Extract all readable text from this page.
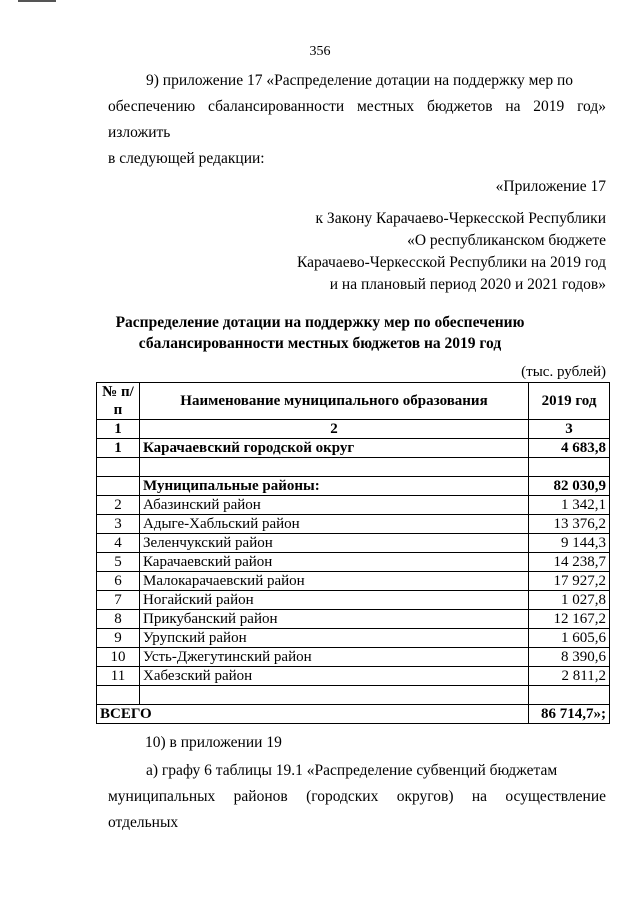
356
9) приложение 17 «Распределение дотации на поддержку мер по
обеспечению сбалансированности местных бюджетов на 2019 год» изложить
в следующей редакции:
«Приложение 17
к Закону Карачаево-Черкесской Республики
«О республиканском бюджете
Карачаево-Черкесской Республики на 2019 год
и на плановый период 2020 и 2021 годов»
Распределение дотации на поддержку мер по обеспечению
сбалансированности местных бюджетов на 2019 год
(тыс. рублей)
№ п/п	Наименование муниципального образования	2019 год
1	2	3
1	Карачаевский городской округ	4 683,8

	Муниципальные районы:	82 030,9
2	Абазинский район	1 342,1
3	Адыге-Хабльский район	13 376,2
4	Зеленчукский район	9 144,3
5	Карачаевский район	14 238,7
6	Малокарачаевский район	17 927,2
7	Ногайский район	1 027,8
8	Прикубанский район	12 167,2
9	Урупский район	1 605,6
10	Усть-Джегутинский район	8 390,6
11	Хабезский район	2 811,2

ВСЕГО		86 714,7»;
10) в приложении 19
а) графу 6 таблицы 19.1 «Распределение субвенций бюджетам
муниципальных районов (городских округов) на осуществление отдельных
